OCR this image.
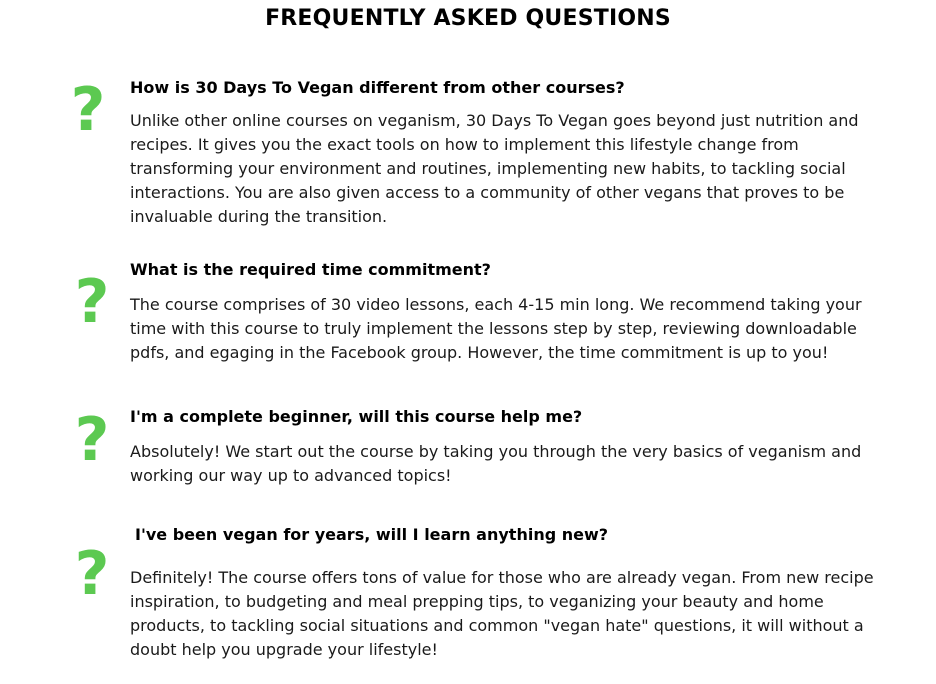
FREQUENTLY ASKED QUESTIONS
? How is 30 Days To Vegan different from other courses?

Unlike other online courses on veganism, 30 Days To Vegan goes beyond just nutrition and recipes. It gives you the exact tools on how to implement this lifestyle change from transforming your environment and routines, implementing new habits, to tackling social interactions. You are also given access to a community of other vegans that proves to be invaluable during the transition.

? What is the required time commitment?

The course comprises of 30 video lessons, each 4-15 min long. We recommend taking your time with this course to truly implement the lessons step by step, reviewing downloadable pdfs, and egaging in the Facebook group. However, the time commitment is up to you!

? I'm a complete beginner, will this course help me?

Absolutely! We start out the course by taking you through the very basics of veganism and working our way up to advanced topics!

?
I've been vegan for years, will I learn anything new?

Definitely! The course offers tons of value for those who are already vegan. From new recipe inspiration, to budgeting and meal prepping tips, to veganizing your beauty and home products, to tackling social situations and common "vegan hate" questions, it will without a doubt help you upgrade your lifestyle!
